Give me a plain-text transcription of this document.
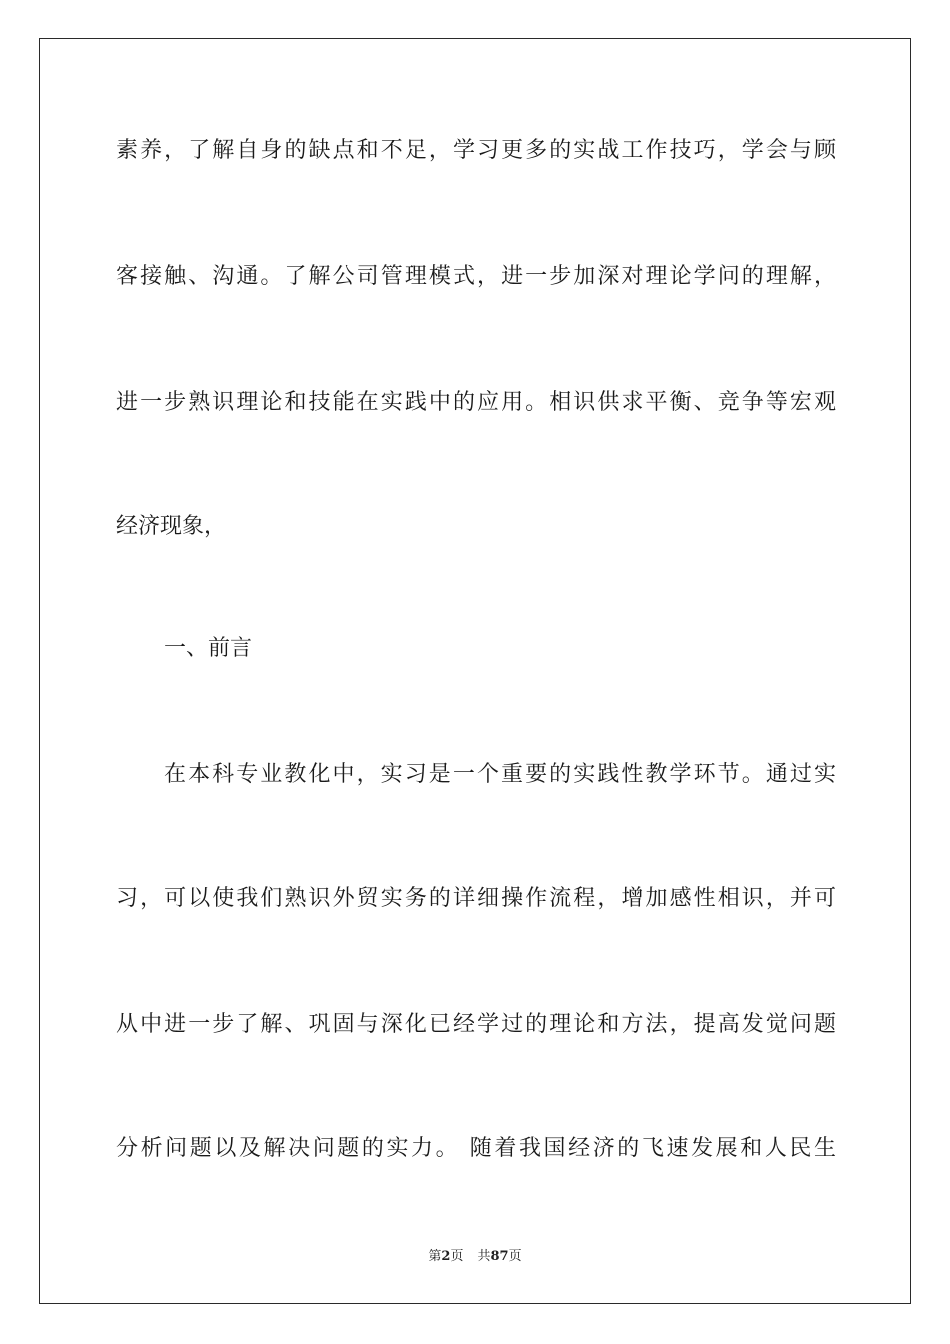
素养，了解自身的缺点和不足，学习更多的实战工作技巧，学会与顾
客接触、沟通。了解公司管理模式，进一步加深对理论学问的理解，
进一步熟识理论和技能在实践中的应用。相识供求平衡、竞争等宏观
经济现象，
一、前言
在本科专业教化中，实习是一个重要的实践性教学环节。通过实
习，可以使我们熟识外贸实务的详细操作流程，增加感性相识，并可
从中进一步了解、巩固与深化已经学过的理论和方法，提高发觉问题
分析问题以及解决问题的实力。 随着我国经济的飞速发展和人民生
第2页 共87页
